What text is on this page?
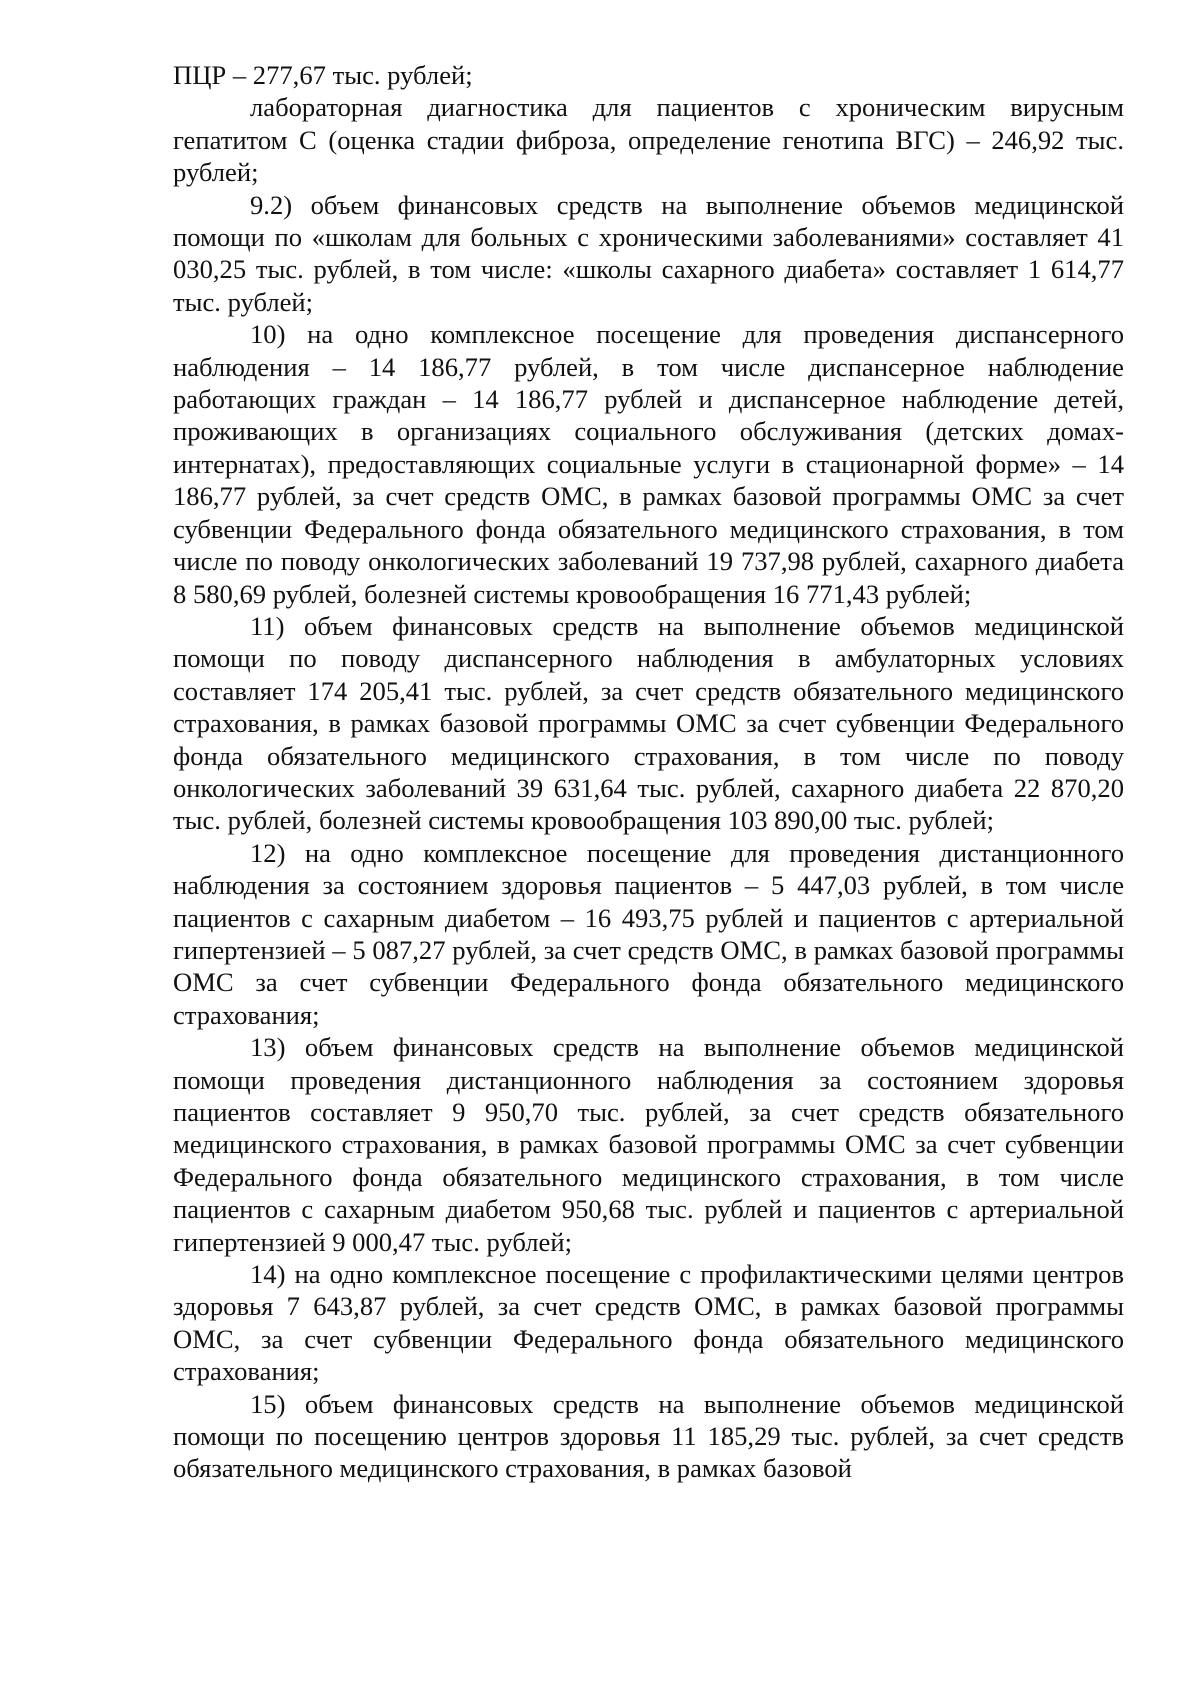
ПЦР – 277,67 тыс. рублей;

лабораторная диагностика для пациентов с хроническим вирусным гепатитом С (оценка стадии фиброза, определение генотипа ВГС) – 246,92 тыс. рублей;

9.2) объем финансовых средств на выполнение объемов медицинской помощи по «школам для больных с хроническими заболеваниями» составляет 41 030,25 тыс. рублей, в том числе: «школы сахарного диабета» составляет 1 614,77 тыс. рублей;

10) на одно комплексное посещение для проведения диспансерного наблюдения – 14 186,77 рублей, в том числе диспансерное наблюдение работающих граждан – 14 186,77 рублей и диспансерное наблюдение детей, проживающих в организациях социального обслуживания (детских домах-интернатах), предоставляющих социальные услуги в стационарной форме» – 14 186,77 рублей, за счет средств ОМС, в рамках базовой программы ОМС за счет субвенции Федерального фонда обязательного медицинского страхования, в том числе по поводу онкологических заболеваний 19 737,98 рублей, сахарного диабета 8 580,69 рублей, болезней системы кровообращения 16 771,43 рублей;

11) объем финансовых средств на выполнение объемов медицинской помощи по поводу диспансерного наблюдения в амбулаторных условиях составляет 174 205,41 тыс. рублей, за счет средств обязательного медицинского страхования, в рамках базовой программы ОМС за счет субвенции Федерального фонда обязательного медицинского страхования, в том числе по поводу онкологических заболеваний 39 631,64 тыс. рублей, сахарного диабета 22 870,20 тыс. рублей, болезней системы кровообращения 103 890,00 тыс. рублей;

12) на одно комплексное посещение для проведения дистанционного наблюдения за состоянием здоровья пациентов – 5 447,03 рублей, в том числе пациентов с сахарным диабетом – 16 493,75 рублей и пациентов с артериальной гипертензией – 5 087,27 рублей, за счет средств ОМС, в рамках базовой программы ОМС за счет субвенции Федерального фонда обязательного медицинского страхования;

13) объем финансовых средств на выполнение объемов медицинской помощи проведения дистанционного наблюдения за состоянием здоровья пациентов составляет 9 950,70 тыс. рублей, за счет средств обязательного медицинского страхования, в рамках базовой программы ОМС за счет субвенции Федерального фонда обязательного медицинского страхования, в том числе пациентов с сахарным диабетом 950,68 тыс. рублей и пациентов с артериальной гипертензией 9 000,47 тыс. рублей;

14) на одно комплексное посещение с профилактическими целями центров здоровья 7 643,87 рублей, за счет средств ОМС, в рамках базовой программы ОМС, за счет субвенции Федерального фонда обязательного медицинского страхования;

15) объем финансовых средств на выполнение объемов медицинской помощи по посещению центров здоровья 11 185,29 тыс. рублей, за счет средств обязательного медицинского страхования, в рамках базовой
